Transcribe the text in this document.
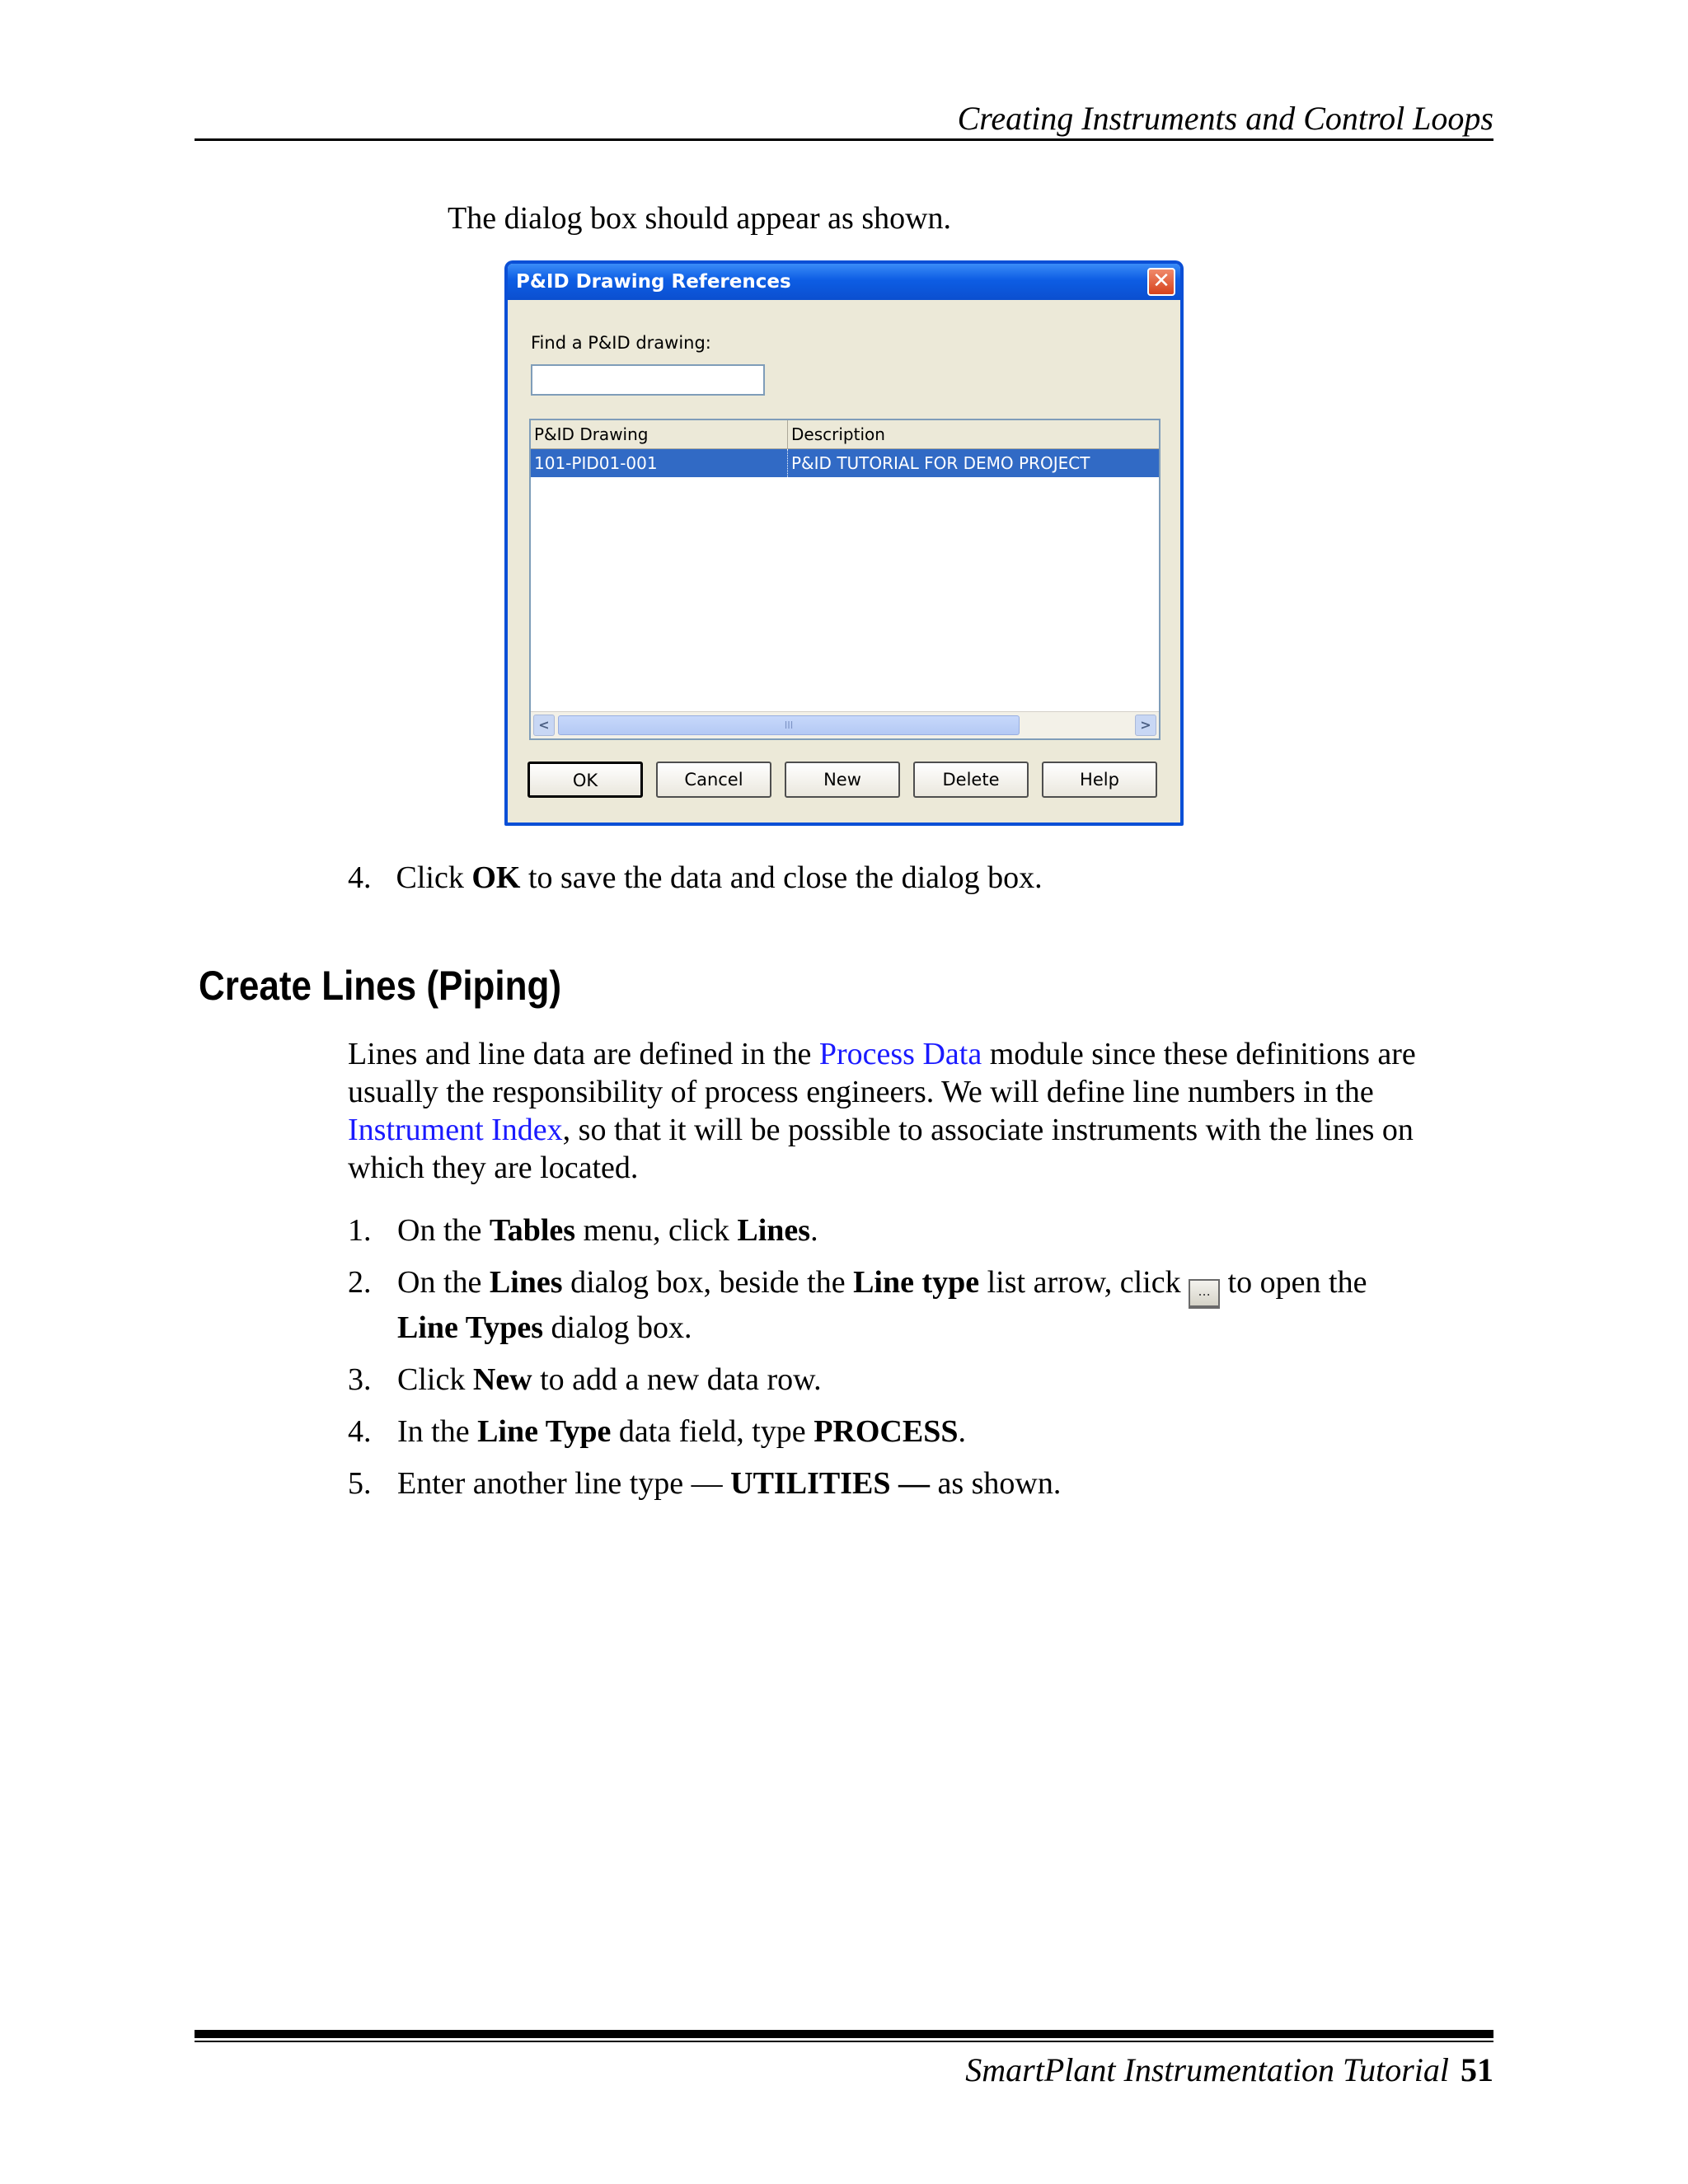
Creating Instruments and Control Loops
The dialog box should appear as shown.
P&ID Drawing References	✕
Find a P&ID drawing:
P&ID Drawing	Description
101-PID01-001	P&ID TUTORIAL FOR DEMO PROJECT
<	III	>
OK	Cancel	New	Delete	Help
4. Click OK to save the data and close the dialog box.
Create Lines (Piping)
Lines and line data are defined in the Process Data module since these definitions are usually the responsibility of process engineers. We will define line numbers in the Instrument Index, so that it will be possible to associate instruments with the lines on which they are located.
1. On the Tables menu, click Lines.
2. On the Lines dialog box, beside the Line type list arrow, click ... to open the
Line Types dialog box.
3. Click New to add a new data row.
4. In the Line Type data field, type PROCESS.
5. Enter another line type — UTILITIES — as shown.
SmartPlant Instrumentation Tutorial 51
